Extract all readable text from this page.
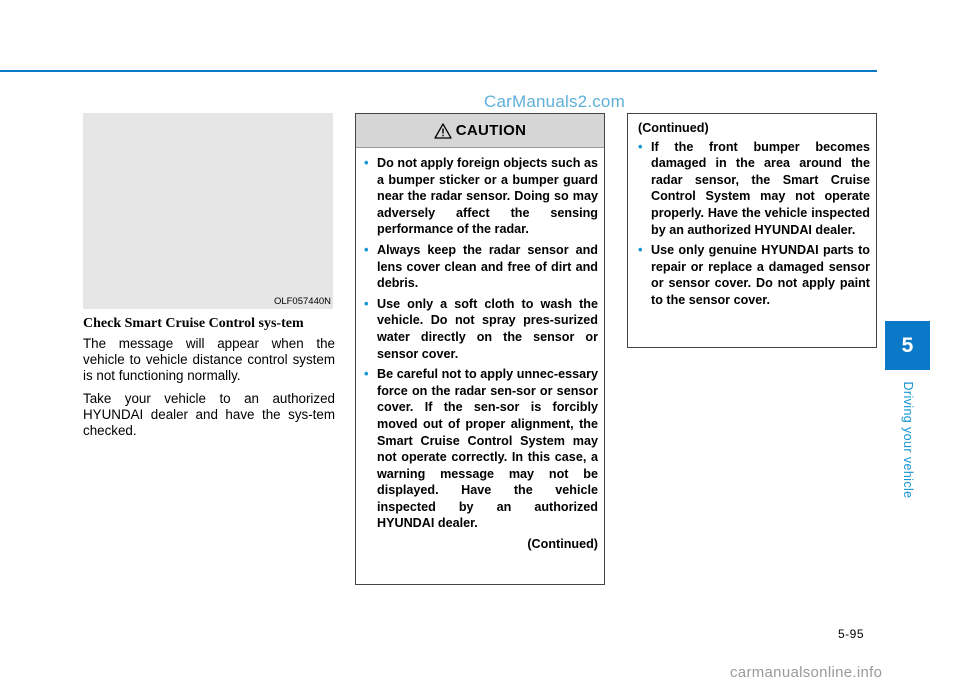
CarManuals2.com
OLF057440N

Check Smart Cruise Control sys-tem

The message will appear when the vehicle to vehicle distance control system is not functioning normally.

Take your vehicle to an authorized HYUNDAI dealer and have the sys-tem checked.

CAUTION
• Do not apply foreign objects such as a bumper sticker or a bumper guard near the radar sensor. Doing so may adversely affect the sensing performance of the radar.
• Always keep the radar sensor and lens cover clean and free of dirt and debris.
• Use only a soft cloth to wash the vehicle. Do not spray pres-surized water directly on the sensor or sensor cover.
• Be careful not to apply unnec-essary force on the radar sen-sor or sensor cover. If the sen-sor is forcibly moved out of proper alignment, the Smart Cruise Control System may not operate correctly. In this case, a warning message may not be displayed. Have the vehicle inspected by an authorized HYUNDAI dealer.
(Continued)
(Continued)
• If the front bumper becomes damaged in the area around the radar sensor, the Smart Cruise Control System may not operate properly. Have the vehicle inspected by an authorized HYUNDAI dealer.
• Use only genuine HYUNDAI parts to repair or replace a damaged sensor or sensor cover. Do not apply paint to the sensor cover.
5
Driving your vehicle
5-95
carmanualsonline.info
